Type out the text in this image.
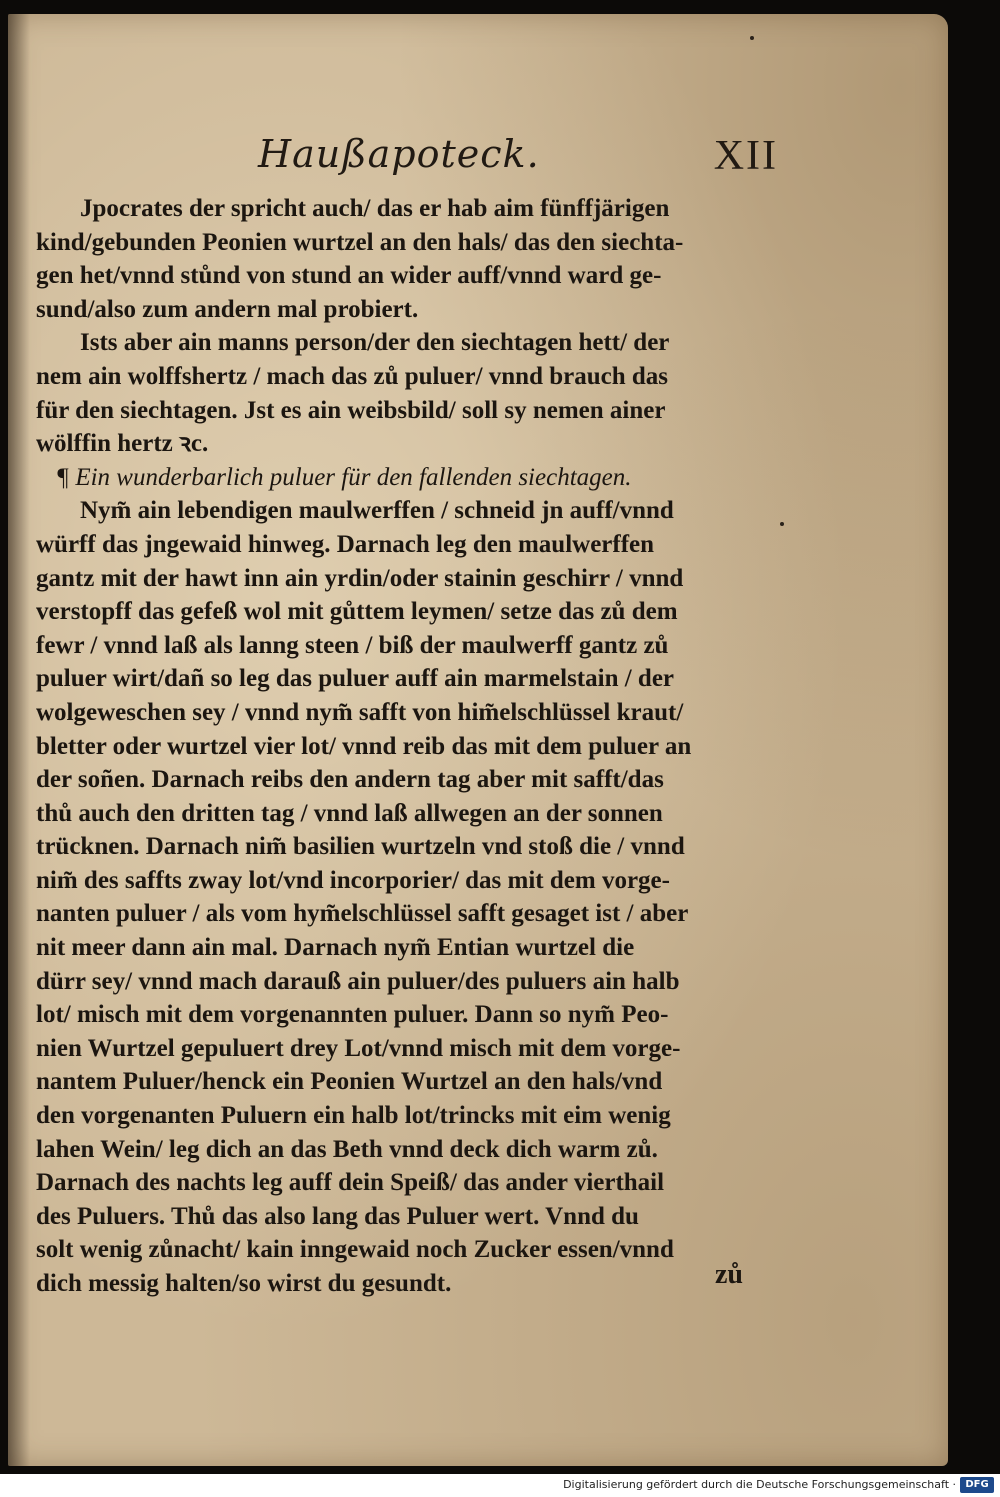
Haußapoteck.	XII
Jpocrates der spricht auch/ das er hab aim fünffjärigen
kind/gebunden Peonien wurtzel an den hals/ das den siechta-
gen het/vnnd stůnd von stund an wider auff/vnnd ward ge-
sund/also zum andern mal probiert.
Ists aber ain manns person/der den siechtagen hett/ der
nem ain wolffshertz / mach das zů puluer/ vnnd brauch das
für den siechtagen. Jst es ain weibsbild/ soll sy nemen ainer
wölffin hertz ꝛc.
¶ Ein wunderbarlich puluer für den fallenden siechtagen.
Nym̃ ain lebendigen maulwerffen / schneid jn auff/vnnd
würff das jngewaid hinweg. Darnach leg den maulwerffen
gantz mit der hawt inn ain yrdin/oder stainin geschirr / vnnd
verstopff das gefeß wol mit gůttem leymen/ setze das zů dem
fewr / vnnd laß als lanng steen / biß der maulwerff gantz zů
puluer wirt/dañ so leg das puluer auff ain marmelstain / der
wolgeweschen sey / vnnd nym̃ safft von him̃elschlüssel kraut/
bletter oder wurtzel vier lot/ vnnd reib das mit dem puluer an
der soñen. Darnach reibs den andern tag aber mit safft/das
thů auch den dritten tag / vnnd laß allwegen an der sonnen
trücknen. Darnach nim̃ basilien wurtzeln vnd stoß die / vnnd
nim̃ des saffts zway lot/vnd incorporier/ das mit dem vorge-
nanten puluer / als vom hym̃elschlüssel safft gesaget ist / aber
nit meer dann ain mal. Darnach nym̃ Entian wurtzel die
dürr sey/ vnnd mach darauß ain puluer/des puluers ain halb
lot/ misch mit dem vorgenannten puluer. Dann so nym̃ Peo-
nien Wurtzel gepuluert drey Lot/vnnd misch mit dem vorge-
nantem Puluer/henck ein Peonien Wurtzel an den hals/vnd
den vorgenanten Puluern ein halb lot/trincks mit eim wenig
lahen Wein/ leg dich an das Beth vnnd deck dich warm zů.
Darnach des nachts leg auff dein Speiß/ das ander vierthail
des Puluers. Thů das also lang das Puluer wert. Vnnd du
solt wenig zůnacht/ kain inngewaid noch Zucker essen/vnnd
dich messig halten/so wirst du gesundt.	zů
Digitalisierung gefördert durch die Deutsche Forschungsgemeinschaft · DFG
